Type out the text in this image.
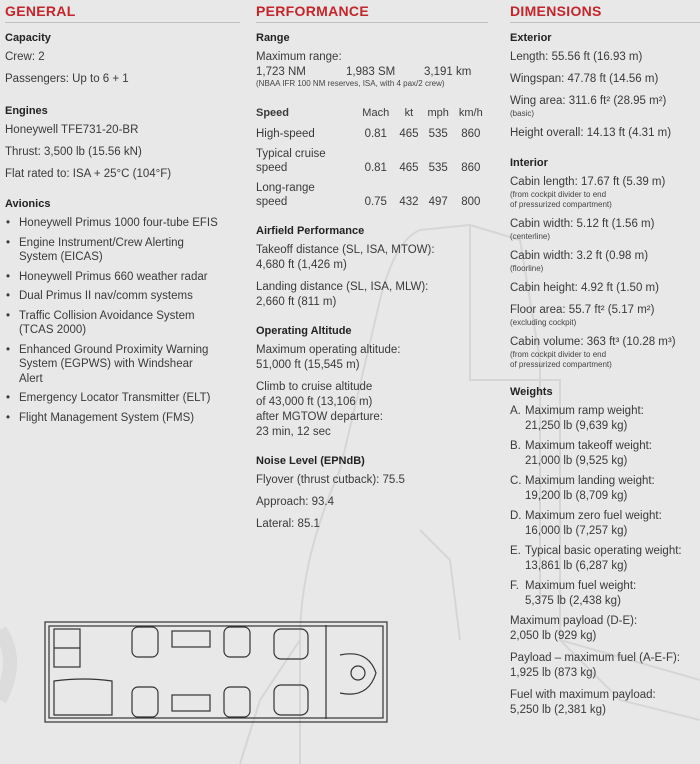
GENERAL
Capacity

Crew: 2

Passengers: Up to 6 + 1

Engines

Honeywell TFE731-20-BR

Thrust: 3,500 lb (15.56 kN)

Flat rated to: ISA + 25°C (104°F)

Avionics
• Honeywell Primus 1000 four-tube EFIS
• Engine Instrument/Crew Alerting System (EICAS)
• Honeywell Primus 660 weather radar
• Dual Primus II nav/comm systems
• Traffic Collision Avoidance System (TCAS 2000)
• Enhanced Ground Proximity Warning System (EGPWS) with Windshear Alert
• Emergency Locator Transmitter (ELT)
• Flight Management System (FMS)
PERFORMANCE
Range

Maximum range:

1,723 NM	1,983 SM	3,191 km

(NBAA IFR 100 NM reserves, ISA, with 4 pax/2 crew)

Speed	Mach	kt	mph	km/h
High-speed	0.81	465	535	860
Typical cruise
speed	0.81	465	535	860
Long-range
speed	0.75	432	497	800
Airfield Performance

Takeoff distance (SL, ISA, MTOW):

4,680 ft (1,426 m)

Landing distance (SL, ISA, MLW):

2,660 ft (811 m)

Operating Altitude

Maximum operating altitude:

51,000 ft (15,545 m)

Climb to cruise altitude

of 43,000 ft (13,106 m)

after MGTOW departure:

23 min, 12 sec

Noise Level (EPNdB)

Flyover (thrust cutback): 75.5

Approach: 93.4

Lateral: 85.1

DIMENSIONS
Exterior

Length: 55.56 ft (16.93 m)

Wingspan: 47.78 ft (14.56 m)

Wing area: 311.6 ft² (28.95 m²)

(basic)

Height overall: 14.13 ft (4.31 m)

Interior

Cabin length: 17.67 ft (5.39 m)

(from cockpit divider to end

of pressurized compartment)

Cabin width: 5.12 ft (1.56 m)

(centerline)

Cabin width: 3.2 ft (0.98 m)

(floorline)

Cabin height: 4.92 ft (1.50 m)

Floor area: 55.7 ft² (5.17 m²)

(excluding cockpit)

Cabin volume: 363 ft³ (10.28 m³)

(from cockpit divider to end

of pressurized compartment)

Weights
A. Maximum ramp weight:
21,250 lb (9,639 kg)
B. Maximum takeoff weight:
21,000 lb (9,525 kg)
C. Maximum landing weight:
19,200 lb (8,709 kg)
D. Maximum zero fuel weight:
16,000 lb (7,257 kg)
E. Typical basic operating weight:
13,861 lb (6,287 kg)
F. Maximum fuel weight:
5,375 lb (2,438 kg)

Maximum payload (D-E):

2,050 lb (929 kg)

Payload – maximum fuel (A-E-F):

1,925 lb (873 kg)

Fuel with maximum payload:

5,250 lb (2,381 kg)
